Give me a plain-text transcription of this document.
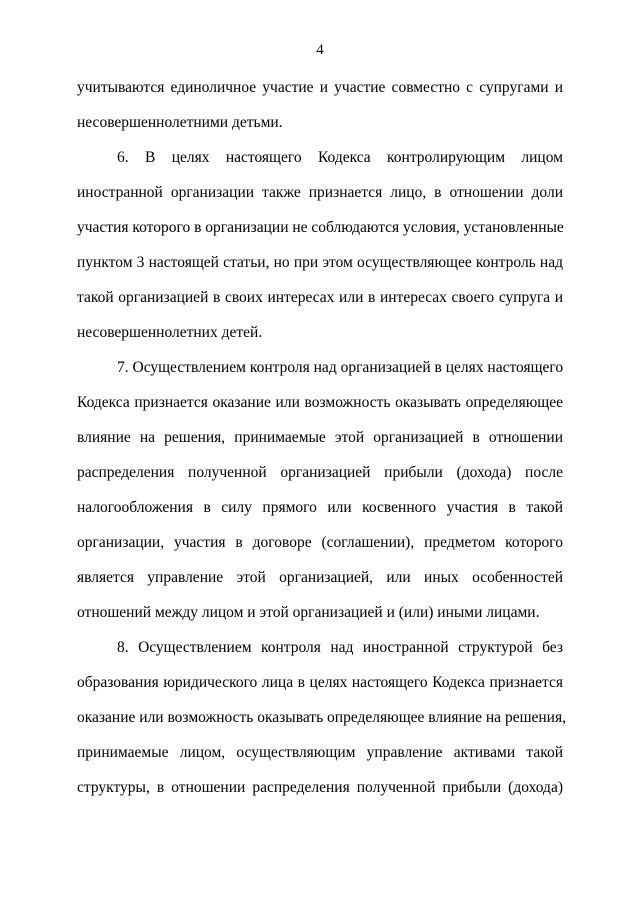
4
учитываются единоличное участие и участие совместно с супругами и
несовершеннолетними детьми.
6. В целях настоящего Кодекса контролирующим лицом
иностранной организации также признается лицо, в отношении доли
участия которого в организации не соблюдаются условия, установленные
пунктом 3 настоящей статьи, но при этом осуществляющее контроль над
такой организацией в своих интересах или в интересах своего супруга и
несовершеннолетних детей.
7. Осуществлением контроля над организацией в целях настоящего
Кодекса признается оказание или возможность оказывать определяющее
влияние на решения, принимаемые этой организацией в отношении
распределения полученной организацией прибыли (дохода) после
налогообложения в силу прямого или косвенного участия в такой
организации, участия в договоре (соглашении), предметом которого
является управление этой организацией, или иных особенностей
отношений между лицом и этой организацией и (или) иными лицами.
8. Осуществлением контроля над иностранной структурой без
образования юридического лица в целях настоящего Кодекса признается
оказание или возможность оказывать определяющее влияние на решения,
принимаемые лицом, осуществляющим управление активами такой
структуры, в отношении распределения полученной прибыли (дохода)
